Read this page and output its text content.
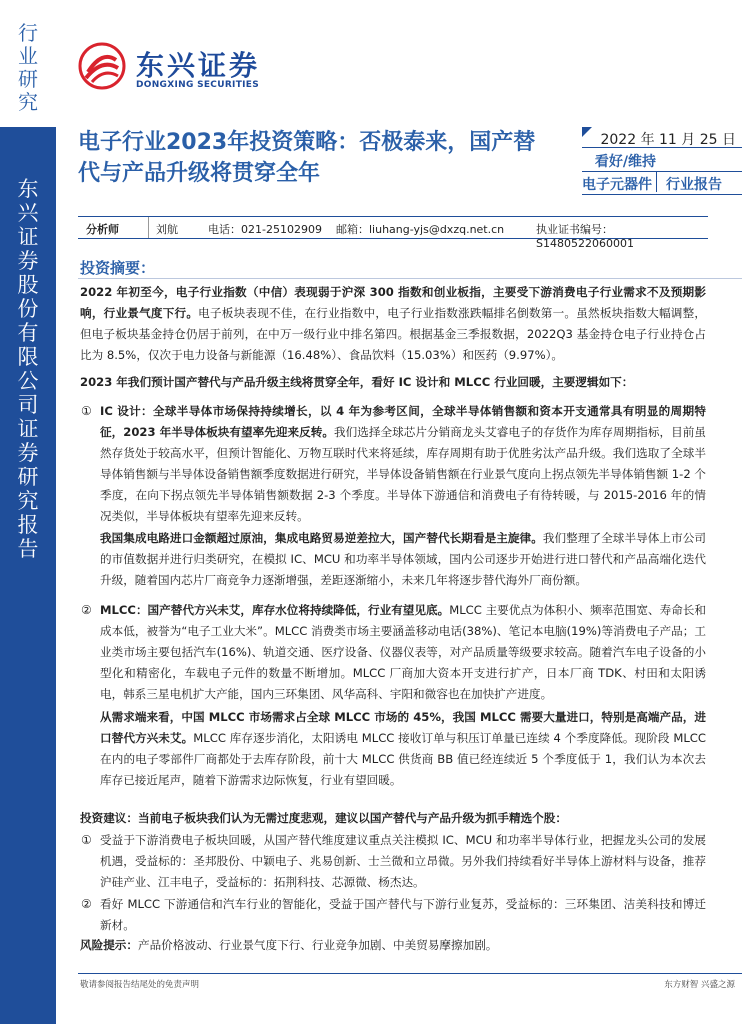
行
业
研
究
东
兴
证
券
股
份
有
限
公
司
证
券
研
究
报
告
东兴证券
DONGXING SECURITIES
电子行业2023年投资策略：否极泰来，国产替代与产品升级将贯穿全年
2022 年 11 月 25 日
看好/维持
电子元器件 行业报告
分析师	刘航	电话：021-25102909 邮箱：liuhang-yjs@dxzq.net.cn	执业证书编号：S1480522060001
投资摘要：
2022 年初至今，电子行业指数（中信）表现弱于沪深 300 指数和创业板指，主要受下游消费电子行业需求不及预期影响，行业景气度下行。电子板块表现不佳，在行业指数中，电子行业指数涨跌幅排名倒数第一。虽然板块指数大幅调整，但电子板块基金持仓仍居于前列，在中万一级行业中排名第四。根据基金三季报数据，2022Q3 基金持仓电子行业持仓占比为 8.5%，仅次于电力设备与新能源（16.48%）、食品饮料（15.03%）和医药（9.97%）。
2023 年我们预计国产替代与产品升级主线将贯穿全年，看好 IC 设计和 MLCC 行业回暖，主要逻辑如下：
① IC 设计：全球半导体市场保持持续增长，以 4 年为参考区间，全球半导体销售额和资本开支通常具有明显的周期特征，2023 年半导体板块有望率先迎来反转。我们选择全球芯片分销商龙头艾睿电子的存货作为库存周期指标，目前虽然存货处于较高水平，但预计智能化、万物互联时代来将延续，库存周期有助于优胜劣汰产品升级。我们选取了全球半导体销售额与半导体设备销售额季度数据进行研究，半导体设备销售额在行业景气度向上拐点领先半导体销售额 1-2 个季度，在向下拐点领先半导体销售额数据 2-3 个季度。半导体下游通信和消费电子有待转暖，与 2015-2016 年的情况类似，半导体板块有望率先迎来反转。
我国集成电路进口金额超过原油，集成电路贸易逆差拉大，国产替代长期看是主旋律。我们整理了全球半导体上市公司的市值数据并进行归类研究，在模拟 IC、MCU 和功率半导体领域，国内公司逐步开始进行进口替代和产品高端化迭代升级，随着国内芯片厂商竞争力逐渐增强，差距逐渐缩小，未来几年将逐步替代海外厂商份额。
② MLCC：国产替代方兴未艾，库存水位将持续降低，行业有望见底。MLCC 主要优点为体积小、频率范围宽、寿命长和成本低，被誉为“电子工业大米”。MLCC 消费类市场主要涵盖移动电话(38%)、笔记本电脑(19%)等消费电子产品；工业类市场主要包括汽车(16%)、轨道交通、医疗设备、仪器仪表等，对产品质量等级要求较高。随着汽车电子设备的小型化和精密化，车载电子元件的数量不断增加。MLCC 厂商加大资本开支进行扩产，日本厂商 TDK、村田和太阳诱电，韩系三星电机扩大产能，国内三环集团、风华高科、宇阳和微容也在加快扩产进度。
从需求端来看，中国 MLCC 市场需求占全球 MLCC 市场的 45%，我国 MLCC 需要大量进口，特别是高端产品，进口替代方兴未艾。MLCC 库存逐步消化，太阳诱电 MLCC 接收订单与积压订单量已连续 4 个季度降低。现阶段 MLCC 在内的电子零部件厂商都处于去库存阶段，前十大 MLCC 供货商 BB 值已经连续近 5 个季度低于 1，我们认为本次去库存已接近尾声，随着下游需求边际恢复，行业有望回暖。
投资建议：当前电子板块我们认为无需过度悲观，建议以国产替代与产品升级为抓手精选个股：
① 受益于下游消费电子板块回暖，从国产替代维度建议重点关注模拟 IC、MCU 和功率半导体行业，把握龙头公司的发展机遇，受益标的：圣邦股份、中颖电子、兆易创新、士兰微和立昂微。另外我们持续看好半导体上游材料与设备，推荐沪硅产业、江丰电子，受益标的：拓荆科技、芯源微、杨杰达。
② 看好 MLCC 下游通信和汽车行业的智能化，受益于国产替代与下游行业复苏，受益标的：三环集团、洁美科技和博迁新材。
风险提示：产品价格波动、行业景气度下行、行业竞争加剧、中美贸易摩擦加剧。
敬请参阅报告结尾处的免责声明	东方财智 兴盛之源
